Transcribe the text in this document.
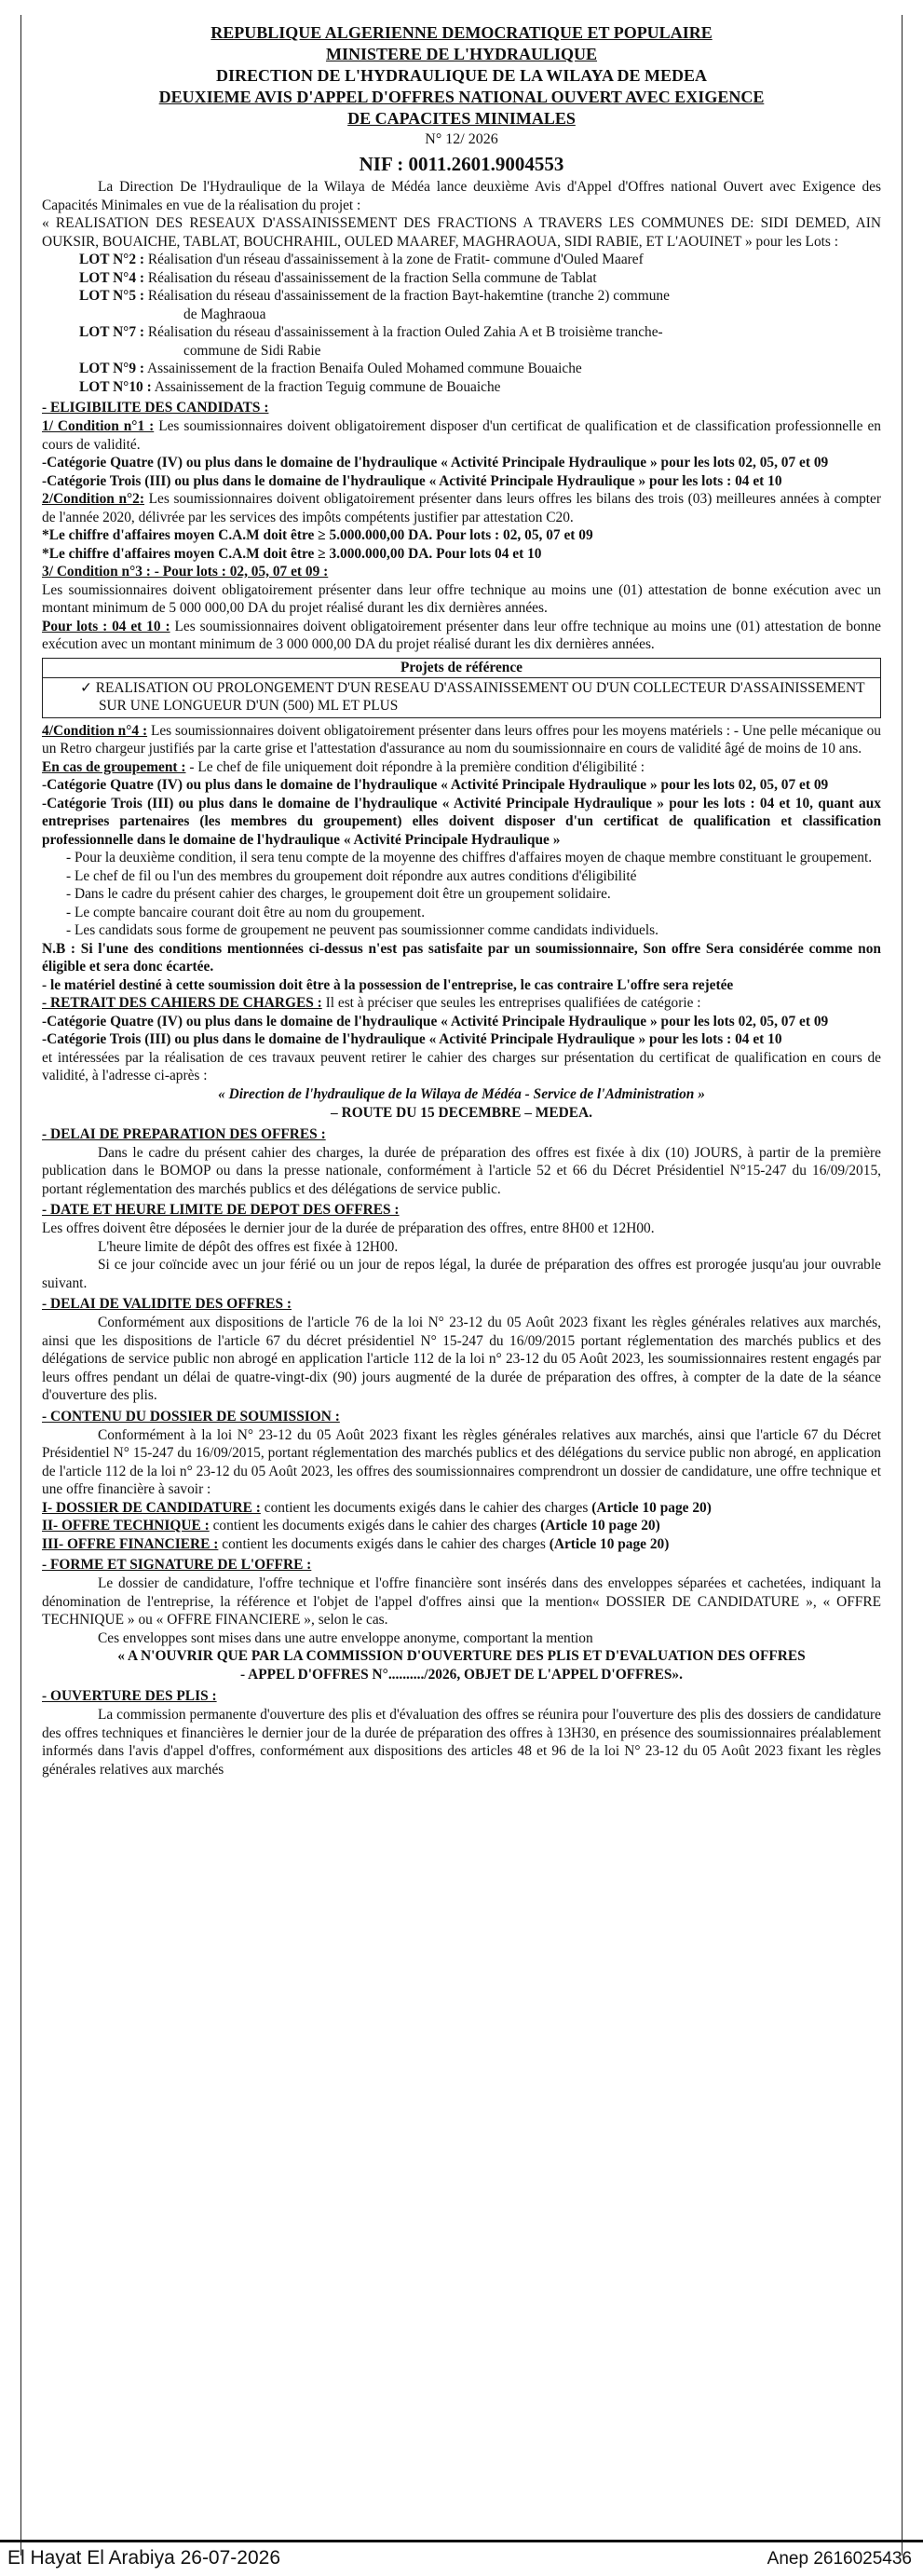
REPUBLIQUE ALGERIENNE DEMOCRATIQUE ET POPULAIRE
MINISTERE DE L'HYDRAULIQUE
DIRECTION DE L'HYDRAULIQUE DE LA WILAYA DE MEDEA
DEUXIEME AVIS D'APPEL D'OFFRES NATIONAL OUVERT AVEC EXIGENCE
DE CAPACITES MINIMALES
N° 12/ 2026
NIF : 0011.2601.9004553

La Direction De l'Hydraulique de la Wilaya de Médéa lance deuxième Avis d'Appel d'Offres national Ouvert avec Exigence des Capacités Minimales en vue de la réalisation du projet :

« REALISATION DES RESEAUX D'ASSAINISSEMENT DES FRACTIONS A TRAVERS LES COMMUNES DE: SIDI DEMED, AIN OUKSIR, BOUAICHE, TABLAT, BOUCHRAHIL, OULED MAAREF, MAGHRAOUA, SIDI RABIE, ET L'AOUINET » pour les Lots :

LOT N°2 : Réalisation d'un réseau d'assainissement à la zone de Fratit- commune d'Ouled Maaref
LOT N°4 : Réalisation du réseau d'assainissement de la fraction Sella commune de Tablat
LOT N°5 : Réalisation du réseau d'assainissement de la fraction Bayt-hakemtine (tranche 2) commune
de Maghraoua
LOT N°7 : Réalisation du réseau d'assainissement à la fraction Ouled Zahia A et B troisième tranche-
commune de Sidi Rabie
LOT N°9 : Assainissement de la fraction Benaifa Ouled Mohamed commune Bouaiche
LOT N°10 : Assainissement de la fraction Teguig commune de Bouaiche
- ELIGIBILITE DES CANDIDATS :

1/ Condition n°1 : Les soumissionnaires doivent obligatoirement disposer d'un certificat de qualification et de classification professionnelle en cours de validité.

-Catégorie Quatre (IV) ou plus dans le domaine de l'hydraulique « Activité Principale Hydraulique » pour les lots 02, 05, 07 et 09

-Catégorie Trois (III) ou plus dans le domaine de l'hydraulique « Activité Principale Hydraulique » pour les lots : 04 et 10

2/Condition n°2: Les soumissionnaires doivent obligatoirement présenter dans leurs offres les bilans des trois (03) meilleures années à compter de l'année 2020, délivrée par les services des impôts compétents justifier par attestation C20.

*Le chiffre d'affaires moyen C.A.M doit être ≥ 5.000.000,00 DA. Pour lots : 02, 05, 07 et 09

*Le chiffre d'affaires moyen C.A.M doit être ≥ 3.000.000,00 DA. Pour lots 04 et 10

3/ Condition n°3 : - Pour lots : 02, 05, 07 et 09 :

Les soumissionnaires doivent obligatoirement présenter dans leur offre technique au moins une (01) attestation de bonne exécution avec un montant minimum de 5 000 000,00 DA du projet réalisé durant les dix dernières années.

Pour lots : 04 et 10 : Les soumissionnaires doivent obligatoirement présenter dans leur offre technique au moins une (01) attestation de bonne exécution avec un montant minimum de 3 000 000,00 DA du projet réalisé durant les dix dernières années.

Projets de référence
✓ REALISATION OU PROLONGEMENT D'UN RESEAU D'ASSAINISSEMENT OU D'UN COLLECTEUR D'ASSAINISSEMENT SUR UNE LONGUEUR D'UN (500) ML ET PLUS

4/Condition n°4 : Les soumissionnaires doivent obligatoirement présenter dans leurs offres pour les moyens matériels : - Une pelle mécanique ou un Retro chargeur justifiés par la carte grise et l'attestation d'assurance au nom du soumissionnaire en cours de validité âgé de moins de 10 ans.

En cas de groupement : - Le chef de file uniquement doit répondre à la première condition d'éligibilité :

-Catégorie Quatre (IV) ou plus dans le domaine de l'hydraulique « Activité Principale Hydraulique » pour les lots 02, 05, 07 et 09

-Catégorie Trois (III) ou plus dans le domaine de l'hydraulique « Activité Principale Hydraulique » pour les lots : 04 et 10, quant aux entreprises partenaires (les membres du groupement) elles doivent disposer d'un certificat de qualification et classification professionnelle dans le domaine de l'hydraulique « Activité Principale Hydraulique »

- Pour la deuxième condition, il sera tenu compte de la moyenne des chiffres d'affaires moyen de chaque membre constituant le groupement.
- Le chef de fil ou l'un des membres du groupement doit répondre aux autres conditions d'éligibilité
- Dans le cadre du présent cahier des charges, le groupement doit être un groupement solidaire.
- Le compte bancaire courant doit être au nom du groupement.
- Les candidats sous forme de groupement ne peuvent pas soumissionner comme candidats individuels.

N.B : Si l'une des conditions mentionnées ci-dessus n'est pas satisfaite par un soumissionnaire, Son offre Sera considérée comme non éligible et sera donc écartée.

- le matériel destiné à cette soumission doit être à la possession de l'entreprise, le cas contraire L'offre sera rejetée

- RETRAIT DES CAHIERS DE CHARGES : Il est à préciser que seules les entreprises qualifiées de catégorie :

-Catégorie Quatre (IV) ou plus dans le domaine de l'hydraulique « Activité Principale Hydraulique » pour les lots 02, 05, 07 et 09

-Catégorie Trois (III) ou plus dans le domaine de l'hydraulique « Activité Principale Hydraulique » pour les lots : 04 et 10

et intéressées par la réalisation de ces travaux peuvent retirer le cahier des charges sur présentation du certificat de qualification en cours de validité, à l'adresse ci-après :

« Direction de l'hydraulique de la Wilaya de Médéa - Service de l'Administration »
– ROUTE DU 15 DECEMBRE – MEDEA.
- DELAI DE PREPARATION DES OFFRES :

Dans le cadre du présent cahier des charges, la durée de préparation des offres est fixée à dix (10) JOURS, à partir de la première publication dans le BOMOP ou dans la presse nationale, conformément à l'article 52 et 66 du Décret Présidentiel N°15-247 du 16/09/2015, portant réglementation des marchés publics et des délégations de service public.

- DATE ET HEURE LIMITE DE DEPOT DES OFFRES :

Les offres doivent être déposées le dernier jour de la durée de préparation des offres, entre 8H00 et 12H00.

L'heure limite de dépôt des offres est fixée à 12H00.

Si ce jour coïncide avec un jour férié ou un jour de repos légal, la durée de préparation des offres est prorogée jusqu'au jour ouvrable suivant.

- DELAI DE VALIDITE DES OFFRES :

Conformément aux dispositions de l'article 76 de la loi N° 23-12 du 05 Août 2023 fixant les règles générales relatives aux marchés, ainsi que les dispositions de l'article 67 du décret présidentiel N° 15-247 du 16/09/2015 portant réglementation des marchés publics et des délégations de service public non abrogé en application l'article 112 de la loi n° 23-12 du 05 Août 2023, les soumissionnaires restent engagés par leurs offres pendant un délai de quatre-vingt-dix (90) jours augmenté de la durée de préparation des offres, à compter de la date de la séance d'ouverture des plis.

- CONTENU DU DOSSIER DE SOUMISSION :

Conformément à la loi N° 23-12 du 05 Août 2023 fixant les règles générales relatives aux marchés, ainsi que l'article 67 du Décret Présidentiel N° 15-247 du 16/09/2015, portant réglementation des marchés publics et des délégations du service public non abrogé, en application de l'article 112 de la loi n° 23-12 du 05 Août 2023, les offres des soumissionnaires comprendront un dossier de candidature, une offre technique et une offre financière à savoir :

I- DOSSIER DE CANDIDATURE : contient les documents exigés dans le cahier des charges (Article 10 page 20)

II- OFFRE TECHNIQUE : contient les documents exigés dans le cahier des charges (Article 10 page 20)

III- OFFRE FINANCIERE : contient les documents exigés dans le cahier des charges (Article 10 page 20)

- FORME ET SIGNATURE DE L'OFFRE :

Le dossier de candidature, l'offre technique et l'offre financière sont insérés dans des enveloppes séparées et cachetées, indiquant la dénomination de l'entreprise, la référence et l'objet de l'appel d'offres ainsi que la mention« DOSSIER DE CANDIDATURE », « OFFRE TECHNIQUE » ou « OFFRE FINANCIERE », selon le cas.

Ces enveloppes sont mises dans une autre enveloppe anonyme, comportant la mention

« A N'OUVRIR QUE PAR LA COMMISSION D'OUVERTURE DES PLIS ET D'EVALUATION DES OFFRES
- APPEL D'OFFRES N°........../2026, OBJET DE L'APPEL D'OFFRES».
- OUVERTURE DES PLIS :

La commission permanente d'ouverture des plis et d'évaluation des offres se réunira pour l'ouverture des plis des dossiers de candidature des offres techniques et financières le dernier jour de la durée de préparation des offres à 13H30, en présence des soumissionnaires préalablement informés dans l'avis d'appel d'offres, conformément aux dispositions des articles 48 et 96 de la loi N° 23-12 du 05 Août 2023 fixant les règles générales relatives aux marchés

El Hayat El Arabiya 26-07-2026	Anep 2616025436
